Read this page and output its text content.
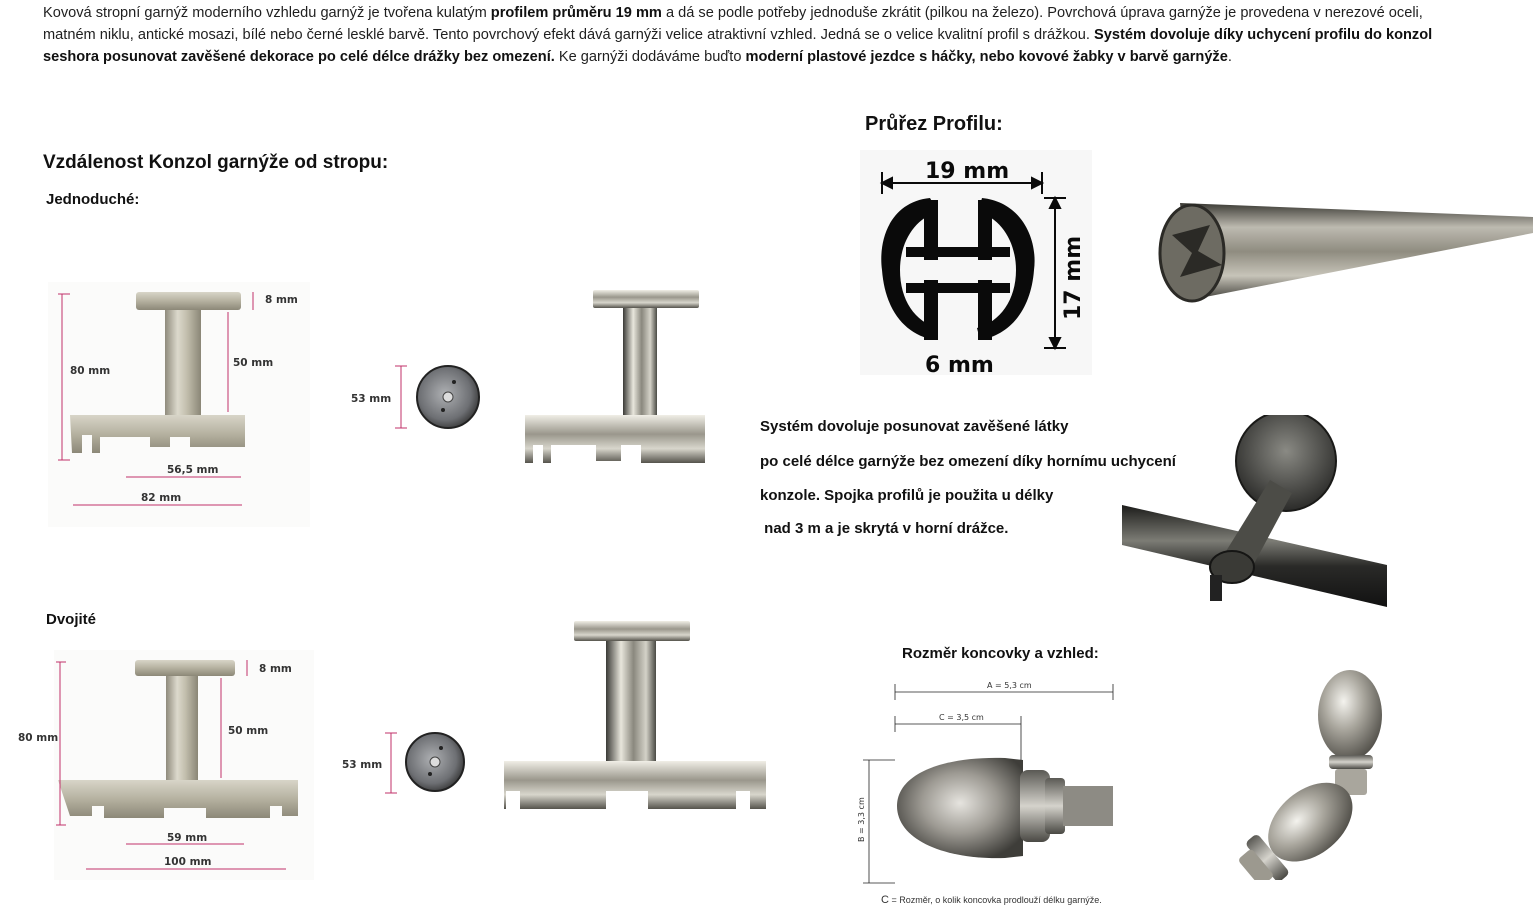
Kovová stropní garnýž moderního vzhledu garnýž je tvořena kulatým profilem průměru 19 mm a dá se podle potřeby jednoduše zkrátit (pilkou na železo). Povrchová úprava garnýže je provedena v nerezové oceli, matném niklu, antické mosazi, bílé nebo černé lesklé barvě. Tento povrchový efekt dává garnýži velice atraktivní vzhled. Jedná se o velice kvalitní profil s drážkou. Systém dovoluje díky uchycení profilu do konzol seshora posunovat zavěšené dekorace po celé délce drážky bez omezení. Ke garnýži dodáváme buďto moderní plastové jezdce s háčky, nebo kovové žabky v barvě garnýže.
Vzdálenost Konzol garnýže od stropu:
Jednoduché:
Dvojité
Průřez Profilu:
Rozměr koncovky a vzhled:
8 mm
80 mm
50 mm
56,5 mm
82 mm
53 mm
8 mm
80 mm
50 mm
59 mm
100 mm
53 mm
19 mm
6 mm
17 mm
Systém dovoluje posunovat zavěšené látky
po celé délce garnýže bez omezení díky hornímu uchycení
konzole. Spojka profilů je použita u délky
nad 3 m a je skrytá v horní drážce.
A = 5,3 cm
C = 3,5 cm
B = 3,3 cm
C = Rozměr, o kolik koncovka prodlouží délku garnýže.
